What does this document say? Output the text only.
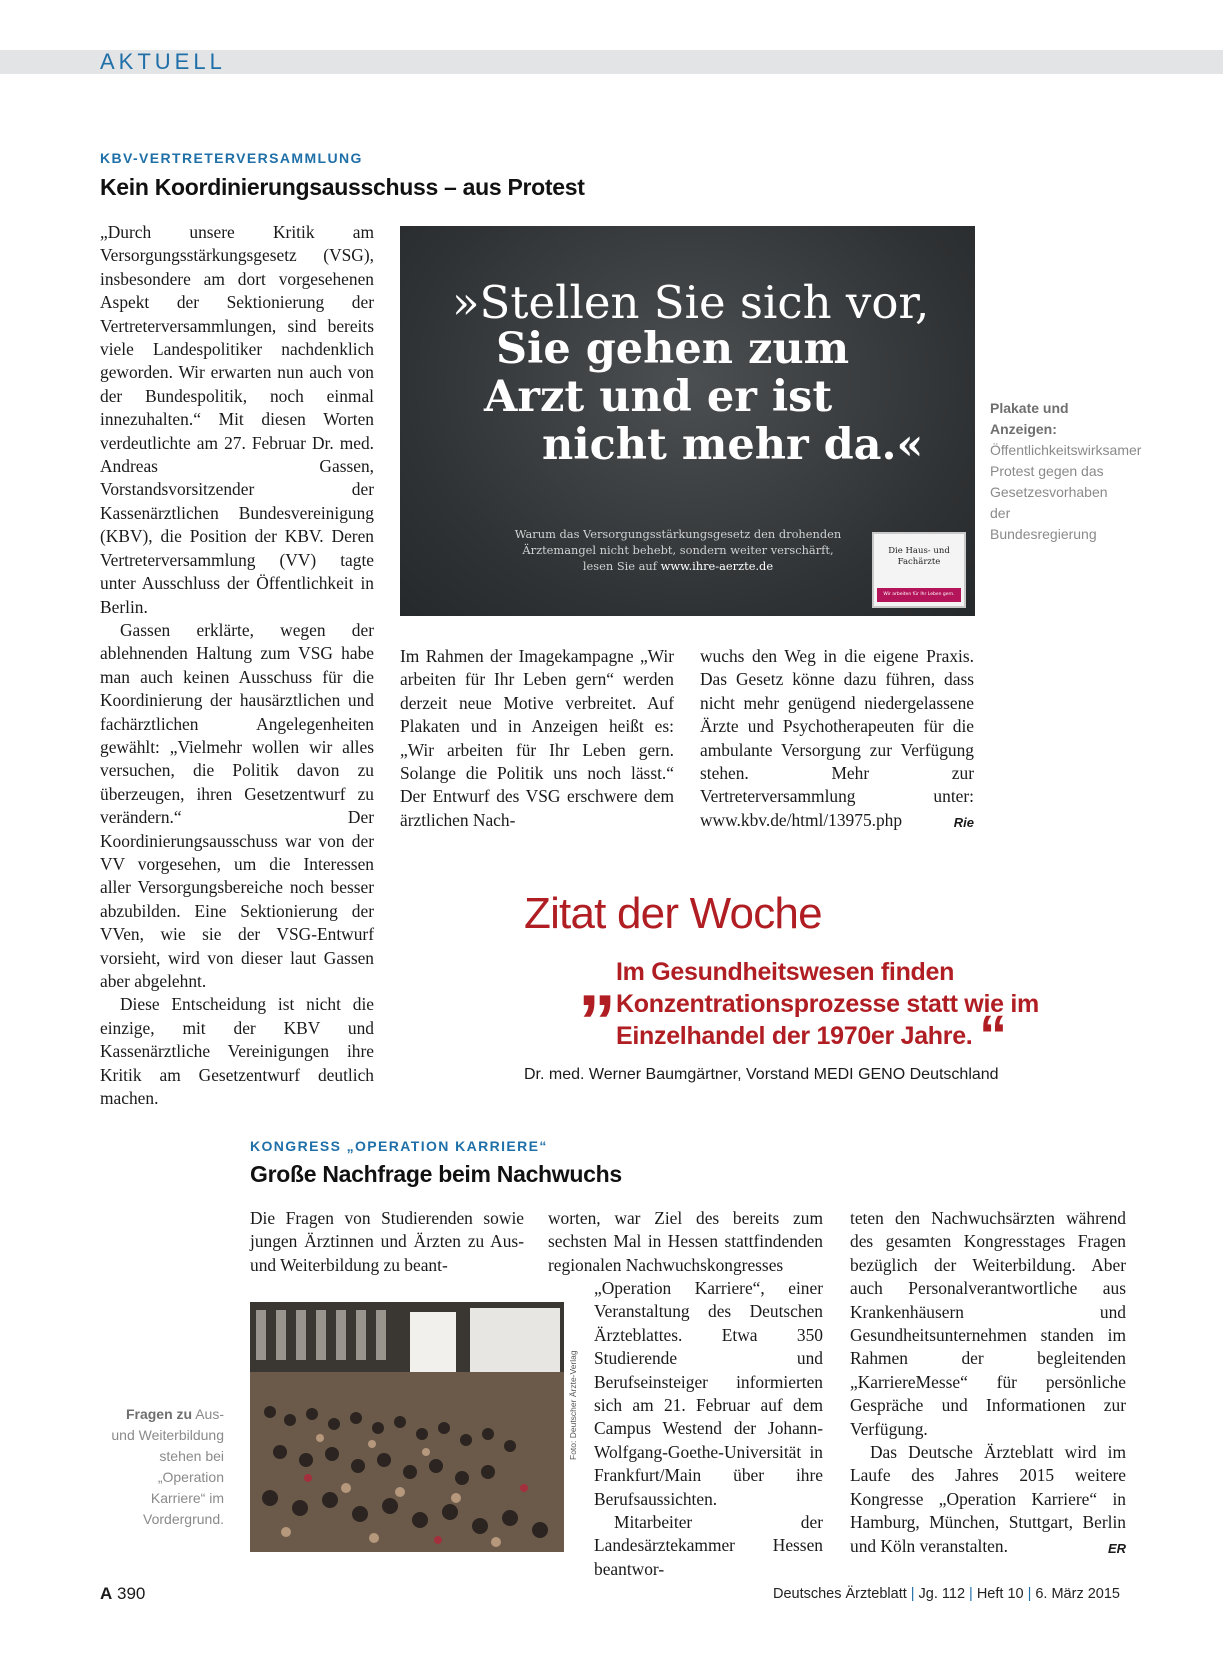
AKTUELL
KBV-VERTRETERVERSAMMLUNG
Kein Koordinierungsausschuss – aus Protest

„Durch unsere Kritik am Versorgungsstärkungsgesetz (VSG), insbesondere am dort vorgesehenen Aspekt der Sektionierung der Vertreterversammlungen, sind bereits viele Landespolitiker nachdenklich geworden. Wir erwarten nun auch von der Bundespolitik, noch einmal innezuhalten.“ Mit diesen Worten verdeutlichte am 27. Februar Dr. med. Andreas Gassen, Vorstandsvorsitzender der Kassenärztlichen Bundesvereinigung (KBV), die Position der KBV. Deren Vertreterversammlung (VV) tagte unter Ausschluss der Öffentlichkeit in Berlin.

Gassen erklärte, wegen der ablehnenden Haltung zum VSG habe man auch keinen Ausschuss für die Koordinierung der hausärztlichen und fachärztlichen Angelegenheiten gewählt: „Vielmehr wollen wir alles versuchen, die Politik davon zu überzeugen, ihren Gesetzentwurf zu verändern.“ Der Koordinierungsausschuss war von der VV vorgesehen, um die Interessen aller Versorgungsbereiche noch besser abzubilden. Eine Sektionierung der VVen, wie sie der VSG-Entwurf vorsieht, wird von dieser laut Gassen aber abgelehnt.

Diese Entscheidung ist nicht die einzige, mit der KBV und Kassenärztliche Vereinigungen ihre Kritik am Gesetzentwurf deutlich machen.

»Stellen Sie sich vor,
Sie gehen zum
Arzt und er ist
nicht mehr da.«
Warum das Versorgungsstärkungsgesetz den drohenden
Ärztemangel nicht behebt, sondern weiter verschärft,
lesen Sie auf www.ihre-aerzte.de
Die Haus- und
Fachärzte
Wir arbeiten für Ihr Leben gern.
Plakate und Anzeigen: Öffentlichkeitswirksamer Protest gegen das Gesetzesvorhaben der Bundesregierung

Im Rahmen der Imagekampagne „Wir arbeiten für Ihr Leben gern“ werden derzeit neue Motive verbreitet. Auf Plakaten und in Anzeigen heißt es: „Wir arbeiten für Ihr Leben gern. Solange die Politik uns noch lässt.“ Der Entwurf des VSG erschwere dem ärztlichen Nach-

wuchs den Weg in die eigene Praxis. Das Gesetz könne dazu führen, dass nicht mehr genügend niedergelassene Ärzte und Psychotherapeuten für die ambulante Versorgung zur Verfügung stehen. Mehr zur Vertreterversammlung unter: www.kbv.de/html/13975.php	Rie

Zitat der Woche
„ Im Gesundheitswesen finden Konzentrationsprozesse statt wie im Einzelhandel der 1970er Jahre. “
Dr. med. Werner Baumgärtner, Vorstand MEDI GENO Deutschland
KONGRESS „OPERATION KARRIERE“
Große Nachfrage beim Nachwuchs

Die Fragen von Studierenden sowie jungen Ärztinnen und Ärzten zu Aus- und Weiterbildung zu beant-

Foto: Deutscher Ärzte-Verlag
Fragen zu Aus- und Weiterbildung stehen bei „Operation Karriere“ im Vordergrund.

worten, war Ziel des bereits zum sechsten Mal in Hessen stattfindenden regionalen Nachwuchskongresses

„Operation Karriere“, einer Veranstaltung des Deutschen Ärzteblattes. Etwa 350 Studierende und Berufseinsteiger informierten sich am 21. Februar auf dem Campus Westend der Johann-Wolfgang-Goethe-Universität in Frankfurt/Main über ihre Berufsaussichten.

Mitarbeiter der Landesärztekammer Hessen beantwor-

teten den Nachwuchsärzten während des gesamten Kongresstages Fragen bezüglich der Weiterbildung. Aber auch Personalverantwortliche aus Krankenhäusern und Gesundheitsunternehmen standen im Rahmen der begleitenden „KarriereMesse“ für persönliche Gespräche und Informationen zur Verfügung.

Das Deutsche Ärzteblatt wird im Laufe des Jahres 2015 weitere Kongresse „Operation Karriere“ in Hamburg, München, Stuttgart, Berlin und Köln veranstalten.	ER

A 390	Deutsches Ärzteblatt | Jg. 112 | Heft 10 | 6. März 2015
